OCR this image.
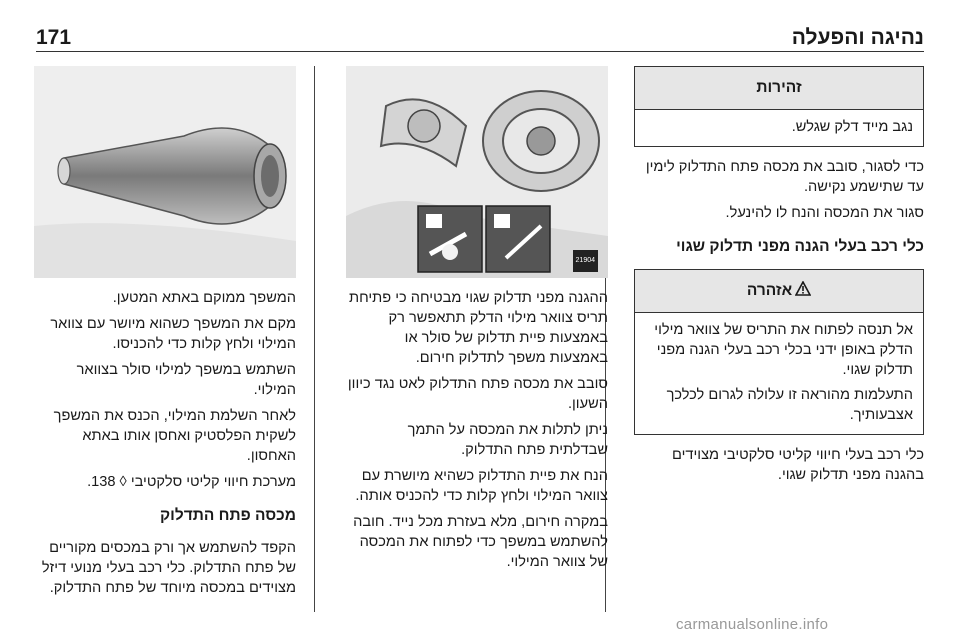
171	נהיגה והפעלה
זהירות

נגב מייד דלק שגלש.

כדי לסגור, סובב את מכסה פתח התדלוק לימין עד שתישמע נקישה.

סגור את המכסה והנח לו להינעל.

כלי רכב בעלי הגנה מפני תדלוק שגוי
אזהרה

אל תנסה לפתוח את התריס של צוואר מילוי הדלק באופן ידני בכלי רכב בעלי הגנה מפני תדלוק שגוי.

התעלמות מהוראה זו עלולה לגרום לכלכך אצבעותיך.

כלי רכב בעלי חיווי קליטי סלקטיבי מצוידים בהגנה מפני תדלוק שגוי.

21904

ההגנה מפני תדלוק שגוי מבטיחה כי פתיחת תריס צוואר מילוי הדלק תתאפשר רק באמצעות פיית תדלוק של סולר או באמצעות משפך לתדלוק חירום.

סובב את מכסה פתח התדלוק לאט נגד כיוון השעון.

ניתן לתלות את המכסה על התמך שבדלתית פתח התדלוק.

הנח את פיית התדלוק כשהיא מיושרת עם צוואר המילוי ולחץ קלות כדי להכניס אותה.

במקרה חירום, מלא בעזרת מכל נייד. חובה להשתמש במשפך כדי לפתוח את המכסה של צוואר המילוי.

המשפך ממוקם באתא המטען.

מקם את המשפך כשהוא מיושר עם צוואר המילוי ולחץ קלות כדי להכניסו.

השתמש במשפך למילוי סולר בצוואר המילוי.

לאחר השלמת המילוי, הכנס את המשפך לשקית הפלסטיק ואחסן אותו באתא האחסון.

מערכת חיווי קליטי סלקטיבי ◊ 138.

מכסה פתח התדלוק

הקפד להשתמש אך ורק במכסים מקוריים של פתח התדלוק. כלי רכב בעלי מנועי דיזל מצוידים במכסה מיוחד של פתח התדלוק.

carmanualsonline.info
